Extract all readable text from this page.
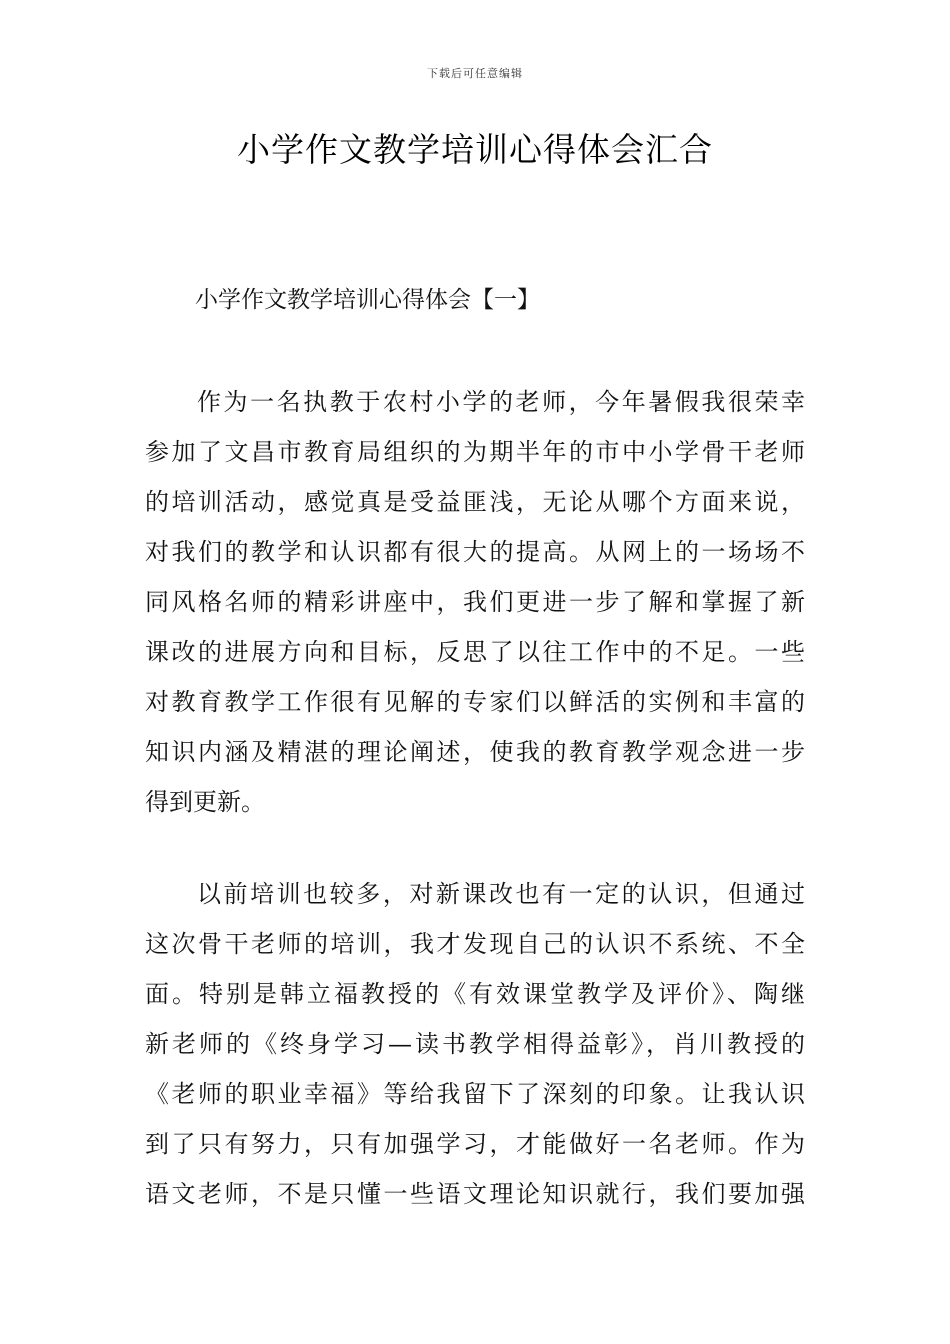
下载后可任意编辑
小学作文教学培训心得体会汇合
小学作文教学培训心得体会【一】
作为一名执教于农村小学的老师，今年暑假我很荣幸
参加了文昌市教育局组织的为期半年的市中小学骨干老师
的培训活动，感觉真是受益匪浅，无论从哪个方面来说，
对我们的教学和认识都有很大的提高。从网上的一场场不
同风格名师的精彩讲座中，我们更进一步了解和掌握了新
课改的进展方向和目标，反思了以往工作中的不足。一些
对教育教学工作很有见解的专家们以鲜活的实例和丰富的
知识内涵及精湛的理论阐述，使我的教育教学观念进一步
得到更新。
以前培训也较多，对新课改也有一定的认识，但通过
这次骨干老师的培训，我才发现自己的认识不系统、不全
面。特别是韩立福教授的《有效课堂教学及评价》、陶继
新老师的《终身学习—读书教学相得益彰》，肖川教授的
《老师的职业幸福》等给我留下了深刻的印象。让我认识
到了只有努力，只有加强学习，才能做好一名老师。作为
语文老师，不是只懂一些语文理论知识就行，我们要加强
